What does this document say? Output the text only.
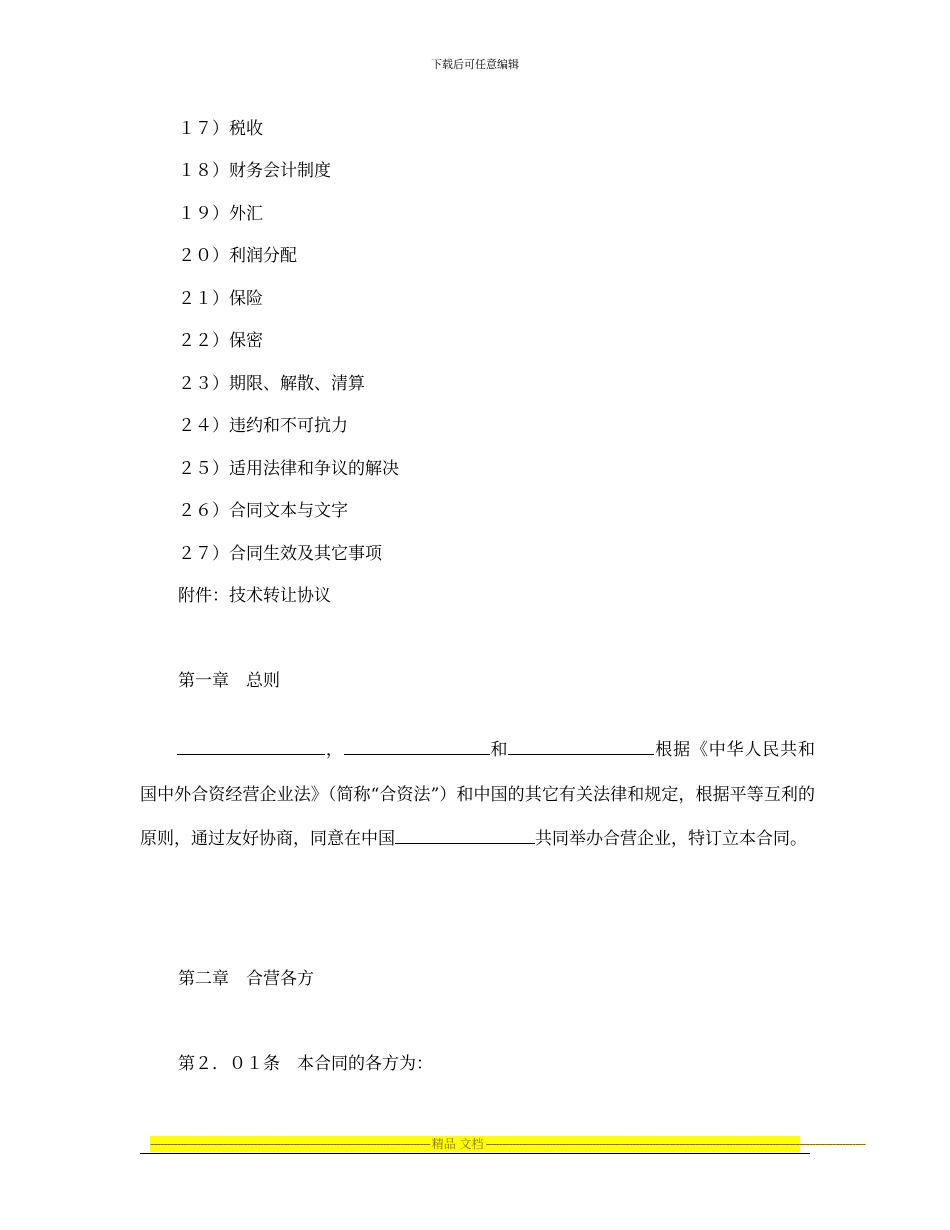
下载后可任意编辑
１７）税收
１８）财务会计制度
１９）外汇
２０）利润分配
２１）保险
２２）保密
２３）期限、解散、清算
２４）违约和不可抗力
２５）适用法律和争议的解决
２６）合同文本与文字
２７）合同生效及其它事项
附件：技术转让协议
第一章　总则
，	和	根据《中华人民共和国中外合资经营企业法》（简称“合资法”）和中国的其它有关法律和规定，根据平等互利的原则，通过友好协商，同意在中国	共同举办合营企业，特订立本合同。
第二章　合营各方
第２．０１条　本合同的各方为：
------------------------------------------------------------------------------------ 精品 文档 ------------------------------------------------------------------------------------------------------------------
